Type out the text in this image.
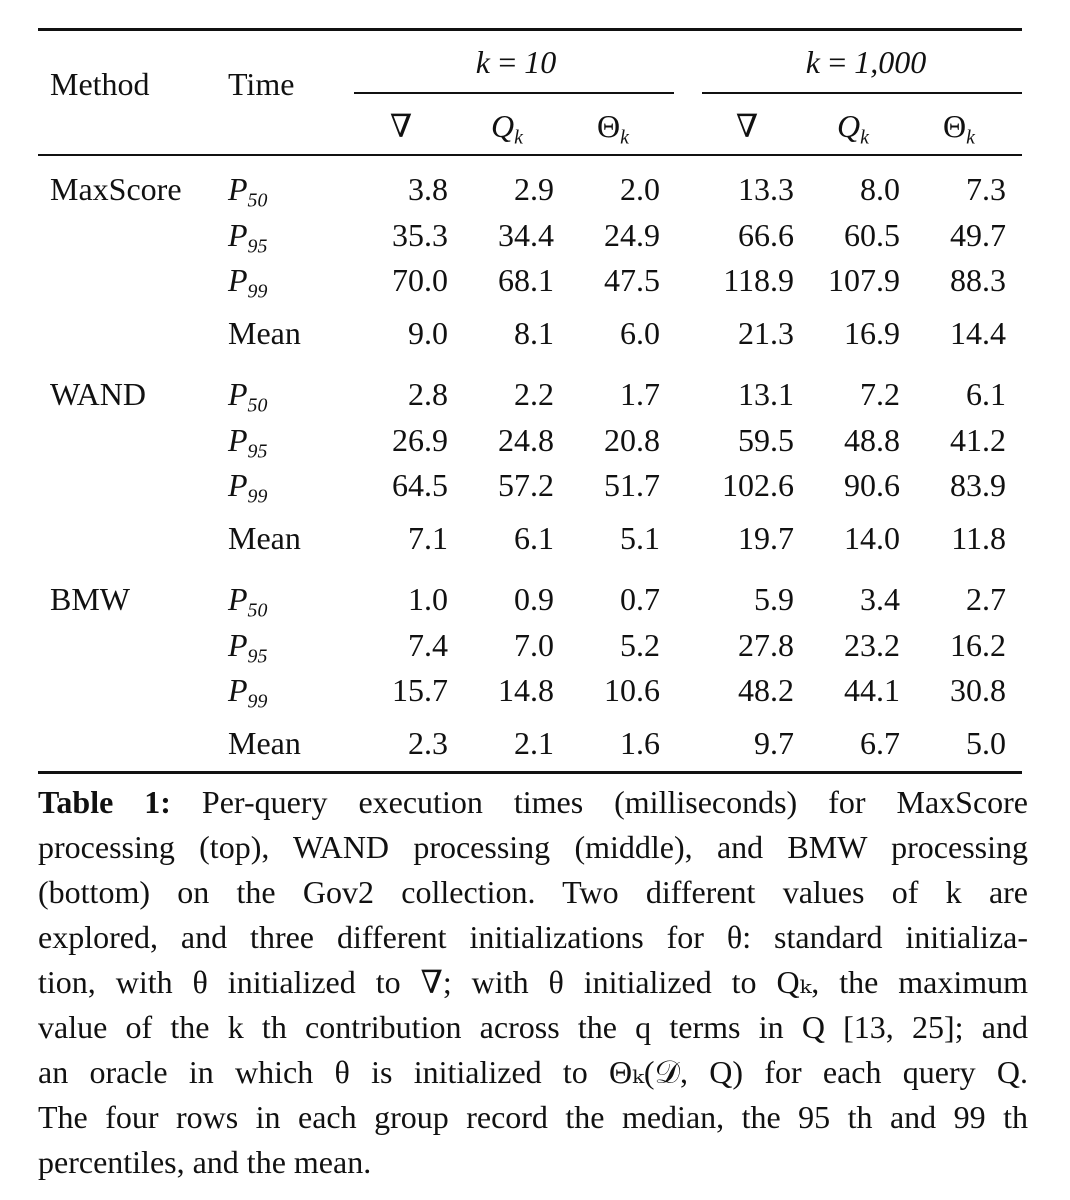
Method Time
k = 10	k = 1,000
∇	$Q_k$	$\Theta_k$	∇	$Q_k$	$\Theta_k$
MaxScore $P_{50}$	3.8	2.9	2.0	13.3	8.0	7.3
$P_{95}$	35.3	34.4	24.9	66.6	60.5	49.7
$P_{99}$	70.0	68.1	47.5	118.9	107.9	88.3
Mean	9.0	8.1	6.0	21.3	16.9	14.4
WAND	$P_{50}$	2.8	2.2	1.7	13.1	7.2	6.1
$P_{95}$	26.9	24.8	20.8	59.5	48.8	41.2
$P_{99}$	64.5	57.2	51.7	102.6	90.6	83.9
Mean	7.1	6.1	5.1	19.7	14.0	11.8
BMW	$P_{50}$	1.0	0.9	0.7	5.9	3.4	2.7
$P_{95}$	7.4	7.0	5.2	27.8	23.2	16.2
$P_{99}$	15.7	14.8	10.6	48.2	44.1	30.8
Mean	2.3	2.1	1.6	9.7	6.7	5.0
Table 1: Per-query execution times (milliseconds) for MaxScore
processing (top), WAND processing (middle), and BMW processing
(bottom) on the Gov2 collection. Two different values of k are
explored, and three different initializations for θ: standard initializa-
tion, with θ initialized to ∇; with θ initialized to Qₖ, the maximum
value of the k th contribution across the q terms in Q [13, 25]; and
an oracle in which θ is initialized to Θₖ(𝒟, Q) for each query Q.
The four rows in each group record the median, the 95 th and 99 th
percentiles, and the mean.
